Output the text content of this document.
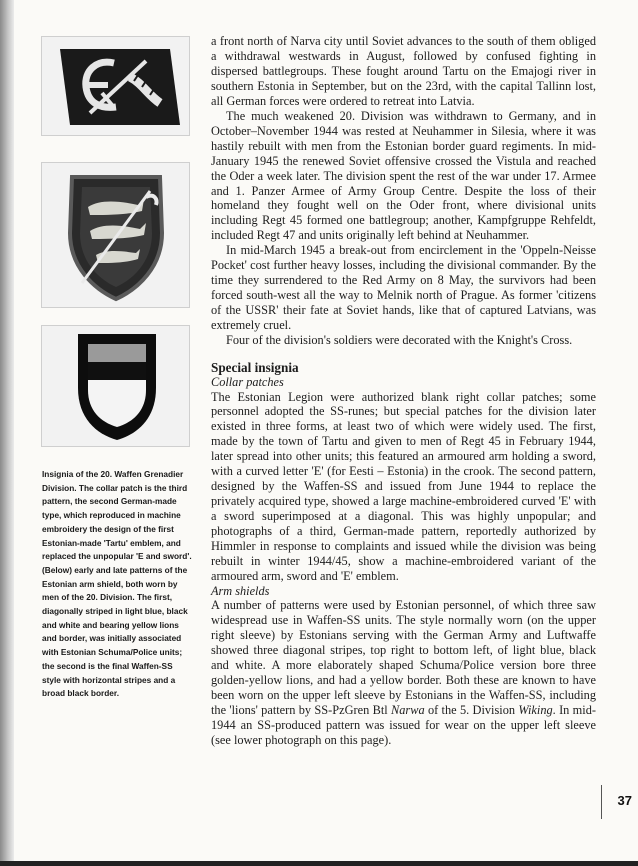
Insignia of the 20. Waffen Grenadier Division. The collar patch is the third pattern, the second German-made type, which reproduced in machine embroidery the design of the first Estonian-made 'Tartu' emblem, and replaced the unpopular 'E and sword'. (Below) early and late patterns of the Estonian arm shield, both worn by men of the 20. Division. The first, diagonally striped in light blue, black and white and bearing yellow lions and border, was initially associated with Estonian Schuma/Police units; the second is the final Waffen-SS style with horizontal stripes and a broad black border.

a front north of Narva city until Soviet advances to the south of them obliged a withdrawal westwards in August, followed by confused fighting in dispersed battlegroups. These fought around Tartu on the Emajogi river in southern Estonia in September, but on the 23rd, with the capital Tallinn lost, all German forces were ordered to retreat into Latvia.

The much weakened 20. Division was withdrawn to Germany, and in October–November 1944 was rested at Neuhammer in Silesia, where it was hastily rebuilt with men from the Estonian border guard regiments. In mid-January 1945 the renewed Soviet offensive crossed the Vistula and reached the Oder a week later. The division spent the rest of the war under 17. Armee and 1. Panzer Armee of Army Group Centre. Despite the loss of their homeland they fought well on the Oder front, where divisional units including Regt 45 formed one battlegroup; another, Kampfgruppe Rehfeldt, included Regt 47 and units originally left behind at Neuhammer.

In mid-March 1945 a break-out from encirclement in the 'Oppeln-Neisse Pocket' cost further heavy losses, including the divisional commander. By the time they surrendered to the Red Army on 8 May, the survivors had been forced south-west all the way to Melnik north of Prague. As former 'citizens of the USSR' their fate at Soviet hands, like that of captured Latvians, was extremely cruel.

Four of the division's soldiers were decorated with the Knight's Cross.

Special insignia
Collar patches

The Estonian Legion were authorized blank right collar patches; some personnel adopted the SS-runes; but special patches for the division later existed in three forms, at least two of which were widely used. The first, made by the town of Tartu and given to men of Regt 45 in February 1944, later spread into other units; this featured an armoured arm holding a sword, with a curved letter 'E' (for Eesti – Estonia) in the crook. The second pattern, designed by the Waffen-SS and issued from June 1944 to replace the privately acquired type, showed a large machine-embroidered curved 'E' with a sword superimposed at a diagonal. This was highly unpopular; and photographs of a third, German-made pattern, reportedly authorized by Himmler in response to complaints and issued while the division was being rebuilt in winter 1944/45, show a machine-embroidered variant of the armoured arm, sword and 'E' emblem.

Arm shields

A number of patterns were used by Estonian personnel, of which three saw widespread use in Waffen-SS units. The style normally worn (on the upper right sleeve) by Estonians serving with the German Army and Luftwaffe showed three diagonal stripes, top right to bottom left, of light blue, black and white. A more elaborately shaped Schuma/Police version bore three golden-yellow lions, and had a yellow border. Both these are known to have been worn on the upper left sleeve by Estonians in the Waffen-SS, including the 'lions' pattern by SS-PzGren Btl Narwa of the 5. Division Wiking. In mid-1944 an SS-produced pattern was issued for wear on the upper left sleeve (see lower photograph on this page).

37
